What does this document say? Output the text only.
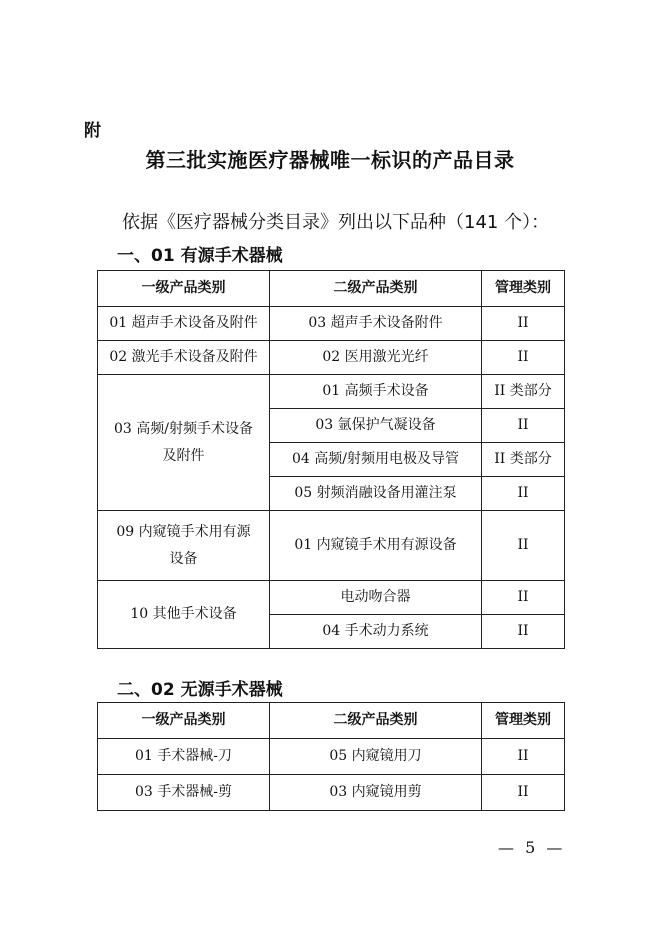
附
第三批实施医疗器械唯一标识的产品目录
依据《医疗器械分类目录》列出以下品种（141 个）：
一、01 有源手术器械
一级产品类别	二级产品类别	管理类别
01 超声手术设备及附件	03 超声手术设备附件	II
02 激光手术设备及附件	02 医用激光光纤	II
03 高频/射频手术设备及附件	01 高频手术设备	II 类部分
	03 氩保护气凝设备	II
	04 高频/射频用电极及导管	II 类部分
	05 射频消融设备用灌注泵	II
09 内窥镜手术用有源设备	01 内窥镜手术用有源设备	II
10 其他手术设备	电动吻合器	II
	04 手术动力系统	II
二、02 无源手术器械
一级产品类别	二级产品类别	管理类别
01 手术器械-刀	05 内窥镜用刀	II
03 手术器械-剪	03 内窥镜用剪	II
— 5 —
